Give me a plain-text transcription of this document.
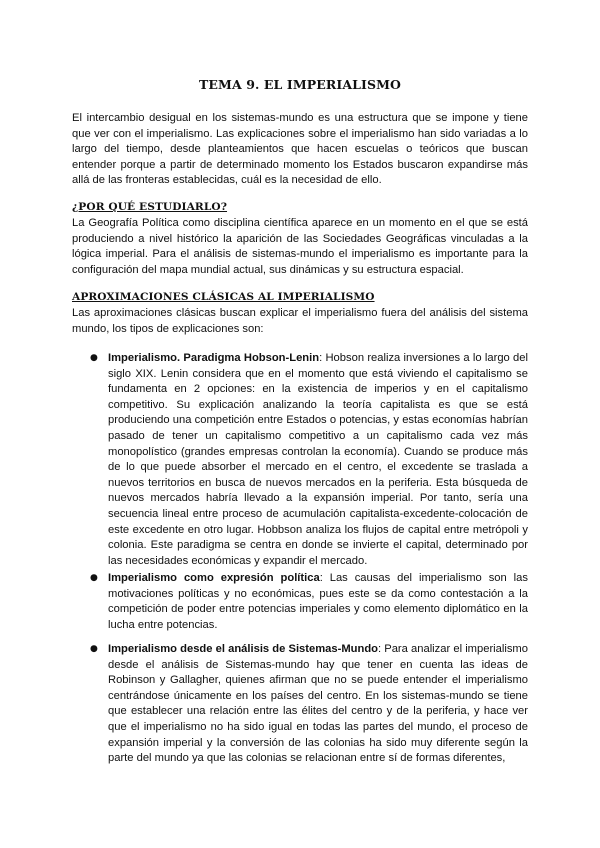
TEMA 9. EL IMPERIALISMO

El intercambio desigual en los sistemas-mundo es una estructura que se impone y tiene que ver con el imperialismo. Las explicaciones sobre el imperialismo han sido variadas a lo largo del tiempo, desde planteamientos que hacen escuelas o teóricos que buscan entender porque a partir de determinado momento los Estados buscaron expandirse más allá de las fronteras establecidas, cuál es la necesidad de ello.

¿POR QUÉ ESTUDIARLO?

La Geografía Política como disciplina científica aparece en un momento en el que se está produciendo a nivel histórico la aparición de las Sociedades Geográficas vinculadas a la lógica imperial. Para el análisis de sistemas-mundo el imperialismo es importante para la configuración del mapa mundial actual, sus dinámicas y su estructura espacial.

APROXIMACIONES CLÁSICAS AL IMPERIALISMO

Las aproximaciones clásicas buscan explicar el imperialismo fuera del análisis del sistema mundo, los tipos de explicaciones son:

● Imperialismo. Paradigma Hobson-Lenin: Hobson realiza inversiones a lo largo del siglo XIX. Lenin considera que en el momento que está viviendo el capitalismo se fundamenta en 2 opciones: en la existencia de imperios y en el capitalismo competitivo. Su explicación analizando la teoría capitalista es que se está produciendo una competición entre Estados o potencias, y estas economías habrían pasado de tener un capitalismo competitivo a un capitalismo cada vez más monopolístico (grandes empresas controlan la economía). Cuando se produce más de lo que puede absorber el mercado en el centro, el excedente se traslada a nuevos territorios en busca de nuevos mercados en la periferia. Esta búsqueda de nuevos mercados habría llevado a la expansión imperial. Por tanto, sería una secuencia lineal entre proceso de acumulación capitalista-excedente-colocación de este excedente en otro lugar. Hobbson analiza los flujos de capital entre metrópoli y colonia. Este paradigma se centra en donde se invierte el capital, determinado por las necesidades económicas y expandir el mercado.

● Imperialismo como expresión política: Las causas del imperialismo son las motivaciones políticas y no económicas, pues este se da como contestación a la competición de poder entre potencias imperiales y como elemento diplomático en la lucha entre potencias.

● Imperialismo desde el análisis de Sistemas-Mundo: Para analizar el imperialismo desde el análisis de Sistemas-mundo hay que tener en cuenta las ideas de Robinson y Gallagher, quienes afirman que no se puede entender el imperialismo centrándose únicamente en los países del centro. En los sistemas-mundo se tiene que establecer una relación entre las élites del centro y de la periferia, y hace ver que el imperialismo no ha sido igual en todas las partes del mundo, el proceso de expansión imperial y la conversión de las colonias ha sido muy diferente según la parte del mundo ya que las colonias se relacionan entre sí de formas diferentes,
